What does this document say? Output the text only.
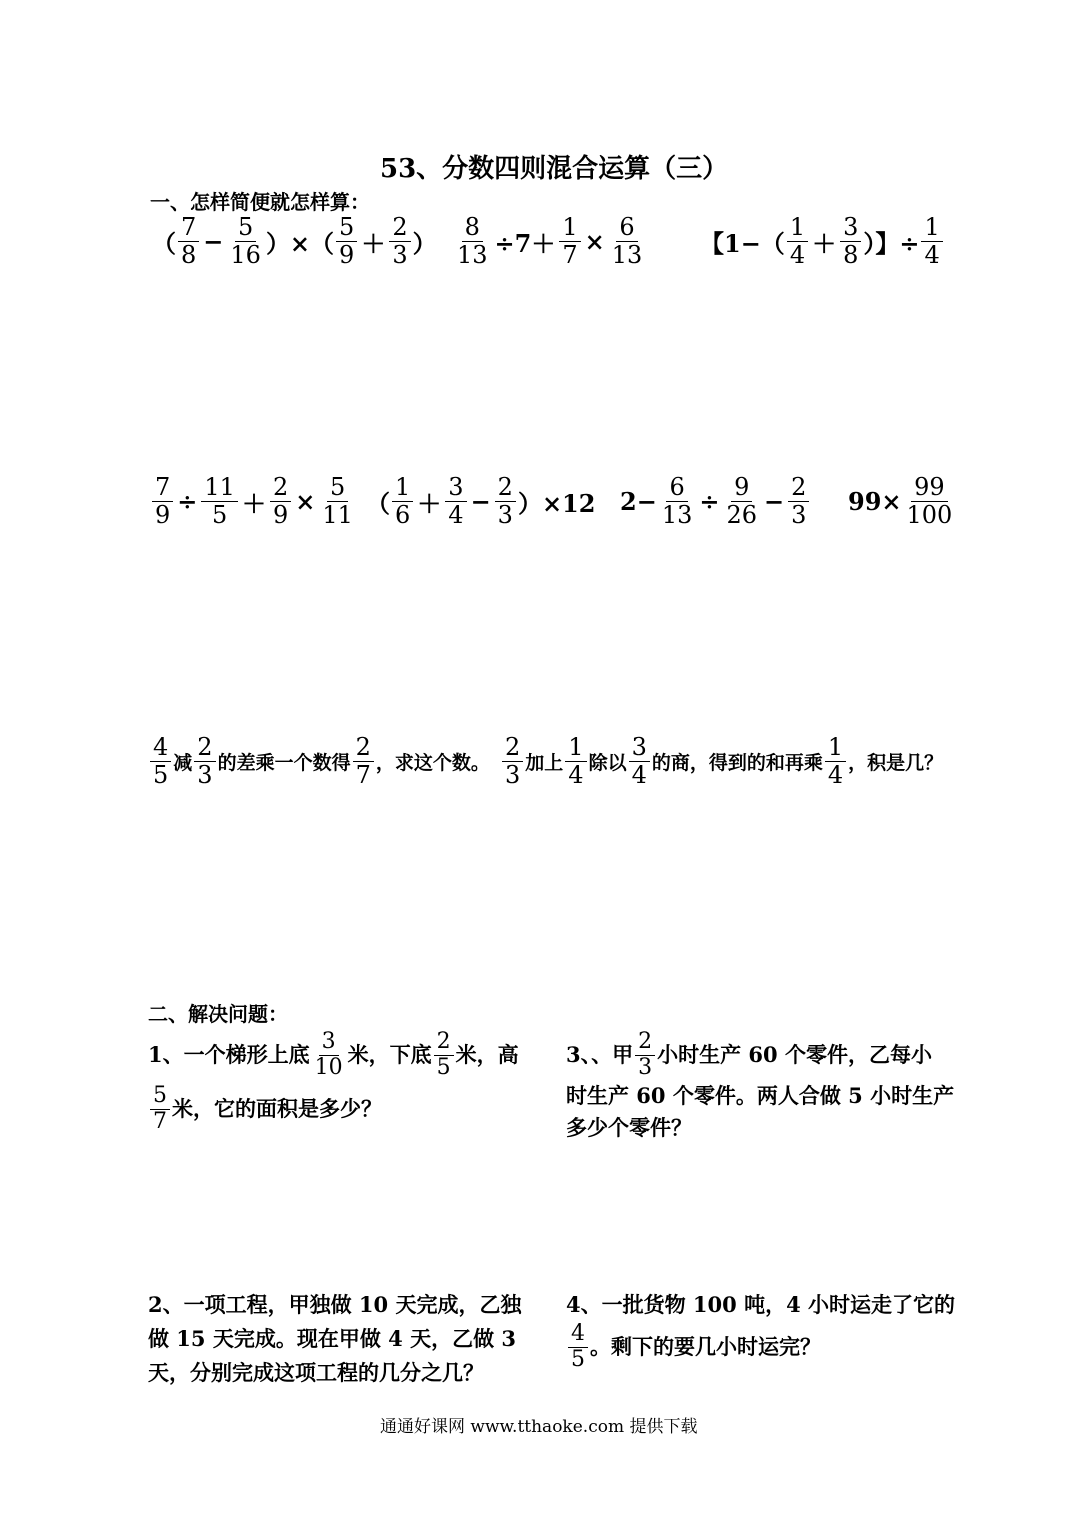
53、分数四则混合运算（三）
一、怎样简便就怎样算：
（ $\frac{7}{8} - \frac{5}{16}$ ）×（ $\frac{5}{9} + \frac{2}{3}$ ） $\frac{8}{13} \div 7+ \frac{1}{7} \times \frac{6}{13}$ 【$1-( \frac{1}{4} + \frac{3}{8}$ ）】÷ $\frac{1}{4}$
$\frac{7}{9} \div \frac{11}{5} + \frac{2}{9} \times \frac{5}{11}$ （ $\frac{1}{6} + \frac{3}{4} - \frac{2}{3} )\times 12$ $2- \frac{6}{13} \div \frac{9}{26} - \frac{2}{3} 99\times \frac{99}{100}$
$\frac{4}{5}$ 减 $\frac{2}{3}$ 的差乘一个数得 $\frac{2}{7}$ ，求这个数。 $\frac{2}{3}$ 加上 $\frac{1}{4}$ 除以 $\frac{3}{4}$ 的商，得到的和再乘 $\frac{1}{4}$ ，积是几？
二、解决问题：
1、一个梯形上底 $\frac{3}{10}$ 米，下底 $\frac{2}{5}$ 米，高
$\frac{5}{7}$ 米，它的面积是多少？
3、、甲 $\frac{2}{3}$ 小时生产 60 个零件，乙每小
时生产 60 个零件。两人合做 5 小时生产
多少个零件？
2、一项工程，甲独做 10 天完成，乙独
做 15 天完成。现在甲做 4 天，乙做 3
天，分别完成这项工程的几分之几？
4、一批货物 100 吨，4 小时运走了它的
$\frac{4}{5}$ 。剩下的要几小时运完？
通通好课网 www.tthaoke.com 提供下载
